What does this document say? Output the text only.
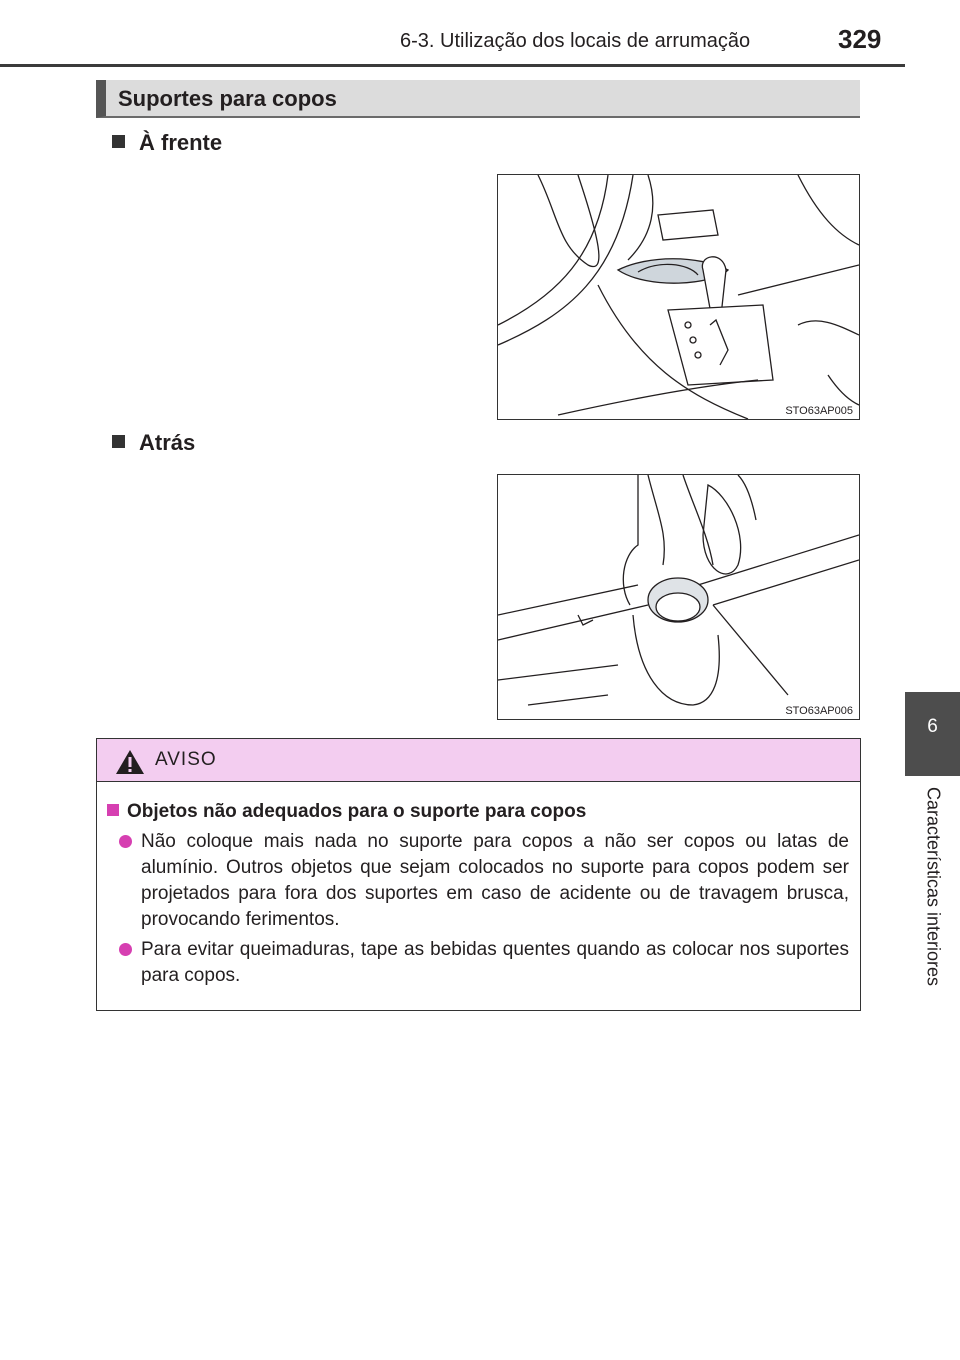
6-3. Utilização dos locais de arrumação	329
6
Características interiores
Suportes para copos
À frente
STO63AP005
Atrás
STO63AP006
AVISO
Objetos não adequados para o suporte para copos
Não coloque mais nada no suporte para copos a não ser copos ou latas de alumínio. Outros objetos que sejam colocados no suporte para copos podem ser projetados para fora dos suportes em caso de acidente ou de travagem brusca, provocando ferimentos.
Para evitar queimaduras, tape as bebidas quentes quando as colocar nos suportes para copos.
